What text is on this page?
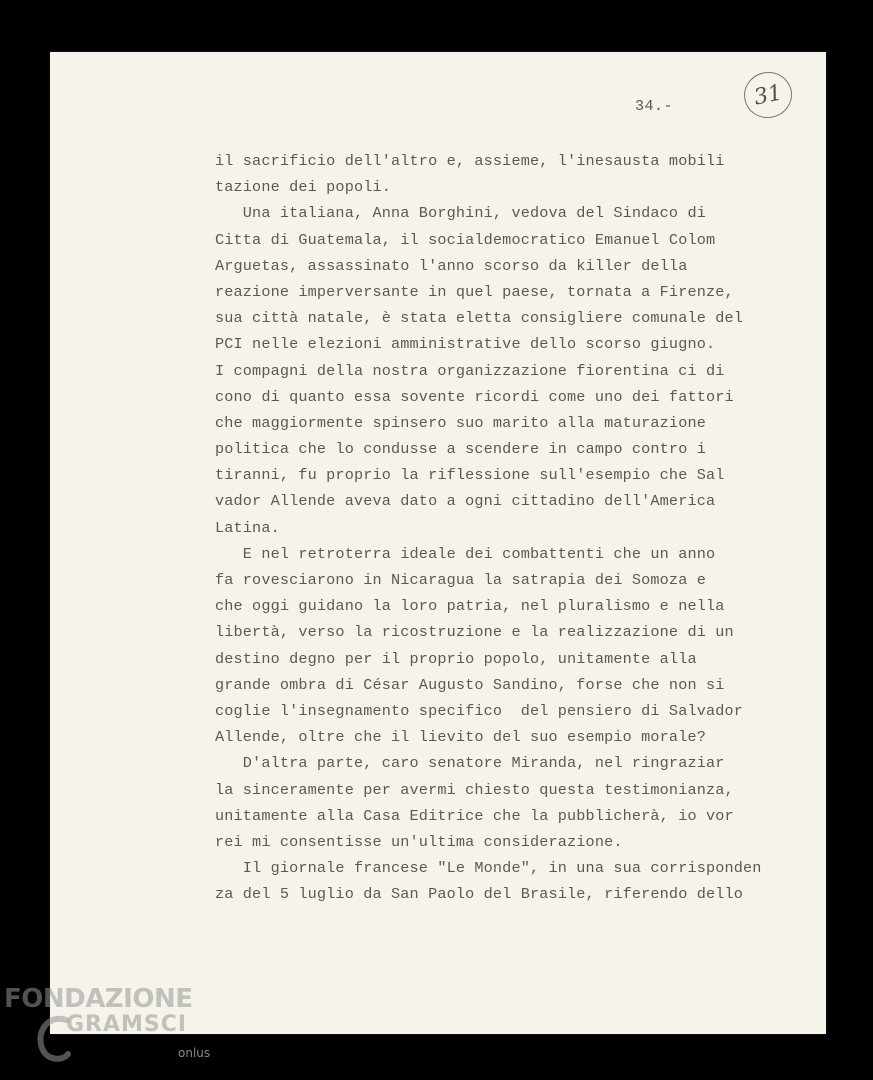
34.-	31
il sacrificio dell'altro e, assieme, l'inesausta mobili
tazione dei popoli.
Una italiana, Anna Borghini, vedova del Sindaco di
Citta di Guatemala, il socialdemocratico Emanuel Colom
Arguetas, assassinato l'anno scorso da killer della
reazione imperversante in quel paese, tornata a Firenze,
sua città natale, è stata eletta consigliere comunale del
PCI nelle elezioni amministrative dello scorso giugno.
I compagni della nostra organizzazione fiorentina ci di
cono di quanto essa sovente ricordi come uno dei fattori
che maggiormente spinsero suo marito alla maturazione
politica che lo condusse a scendere in campo contro i
tiranni, fu proprio la riflessione sull'esempio che Sal
vador Allende aveva dato a ogni cittadino dell'America
Latina.
E nel retroterra ideale dei combattenti che un anno
fa rovesciarono in Nicaragua la satrapia dei Somoza e
che oggi guidano la loro patria, nel pluralismo e nella
libertà, verso la ricostruzione e la realizzazione di un
destino degno per il proprio popolo, unitamente alla
grande ombra di César Augusto Sandino, forse che non si
coglie l'insegnamento specifico  del pensiero di Salvador
Allende, oltre che il lievito del suo esempio morale?
D'altra parte, caro senatore Miranda, nel ringraziar
la sinceramente per avermi chiesto questa testimonianza,
unitamente alla Casa Editrice che la pubblicherà, io vor
rei mi consentisse un'ultima considerazione.
Il giornale francese "Le Monde", in una sua corrisponden
za del 5 luglio da San Paolo del Brasile, riferendo dello
FONDAZIONE
GRAMSCI
onlus
